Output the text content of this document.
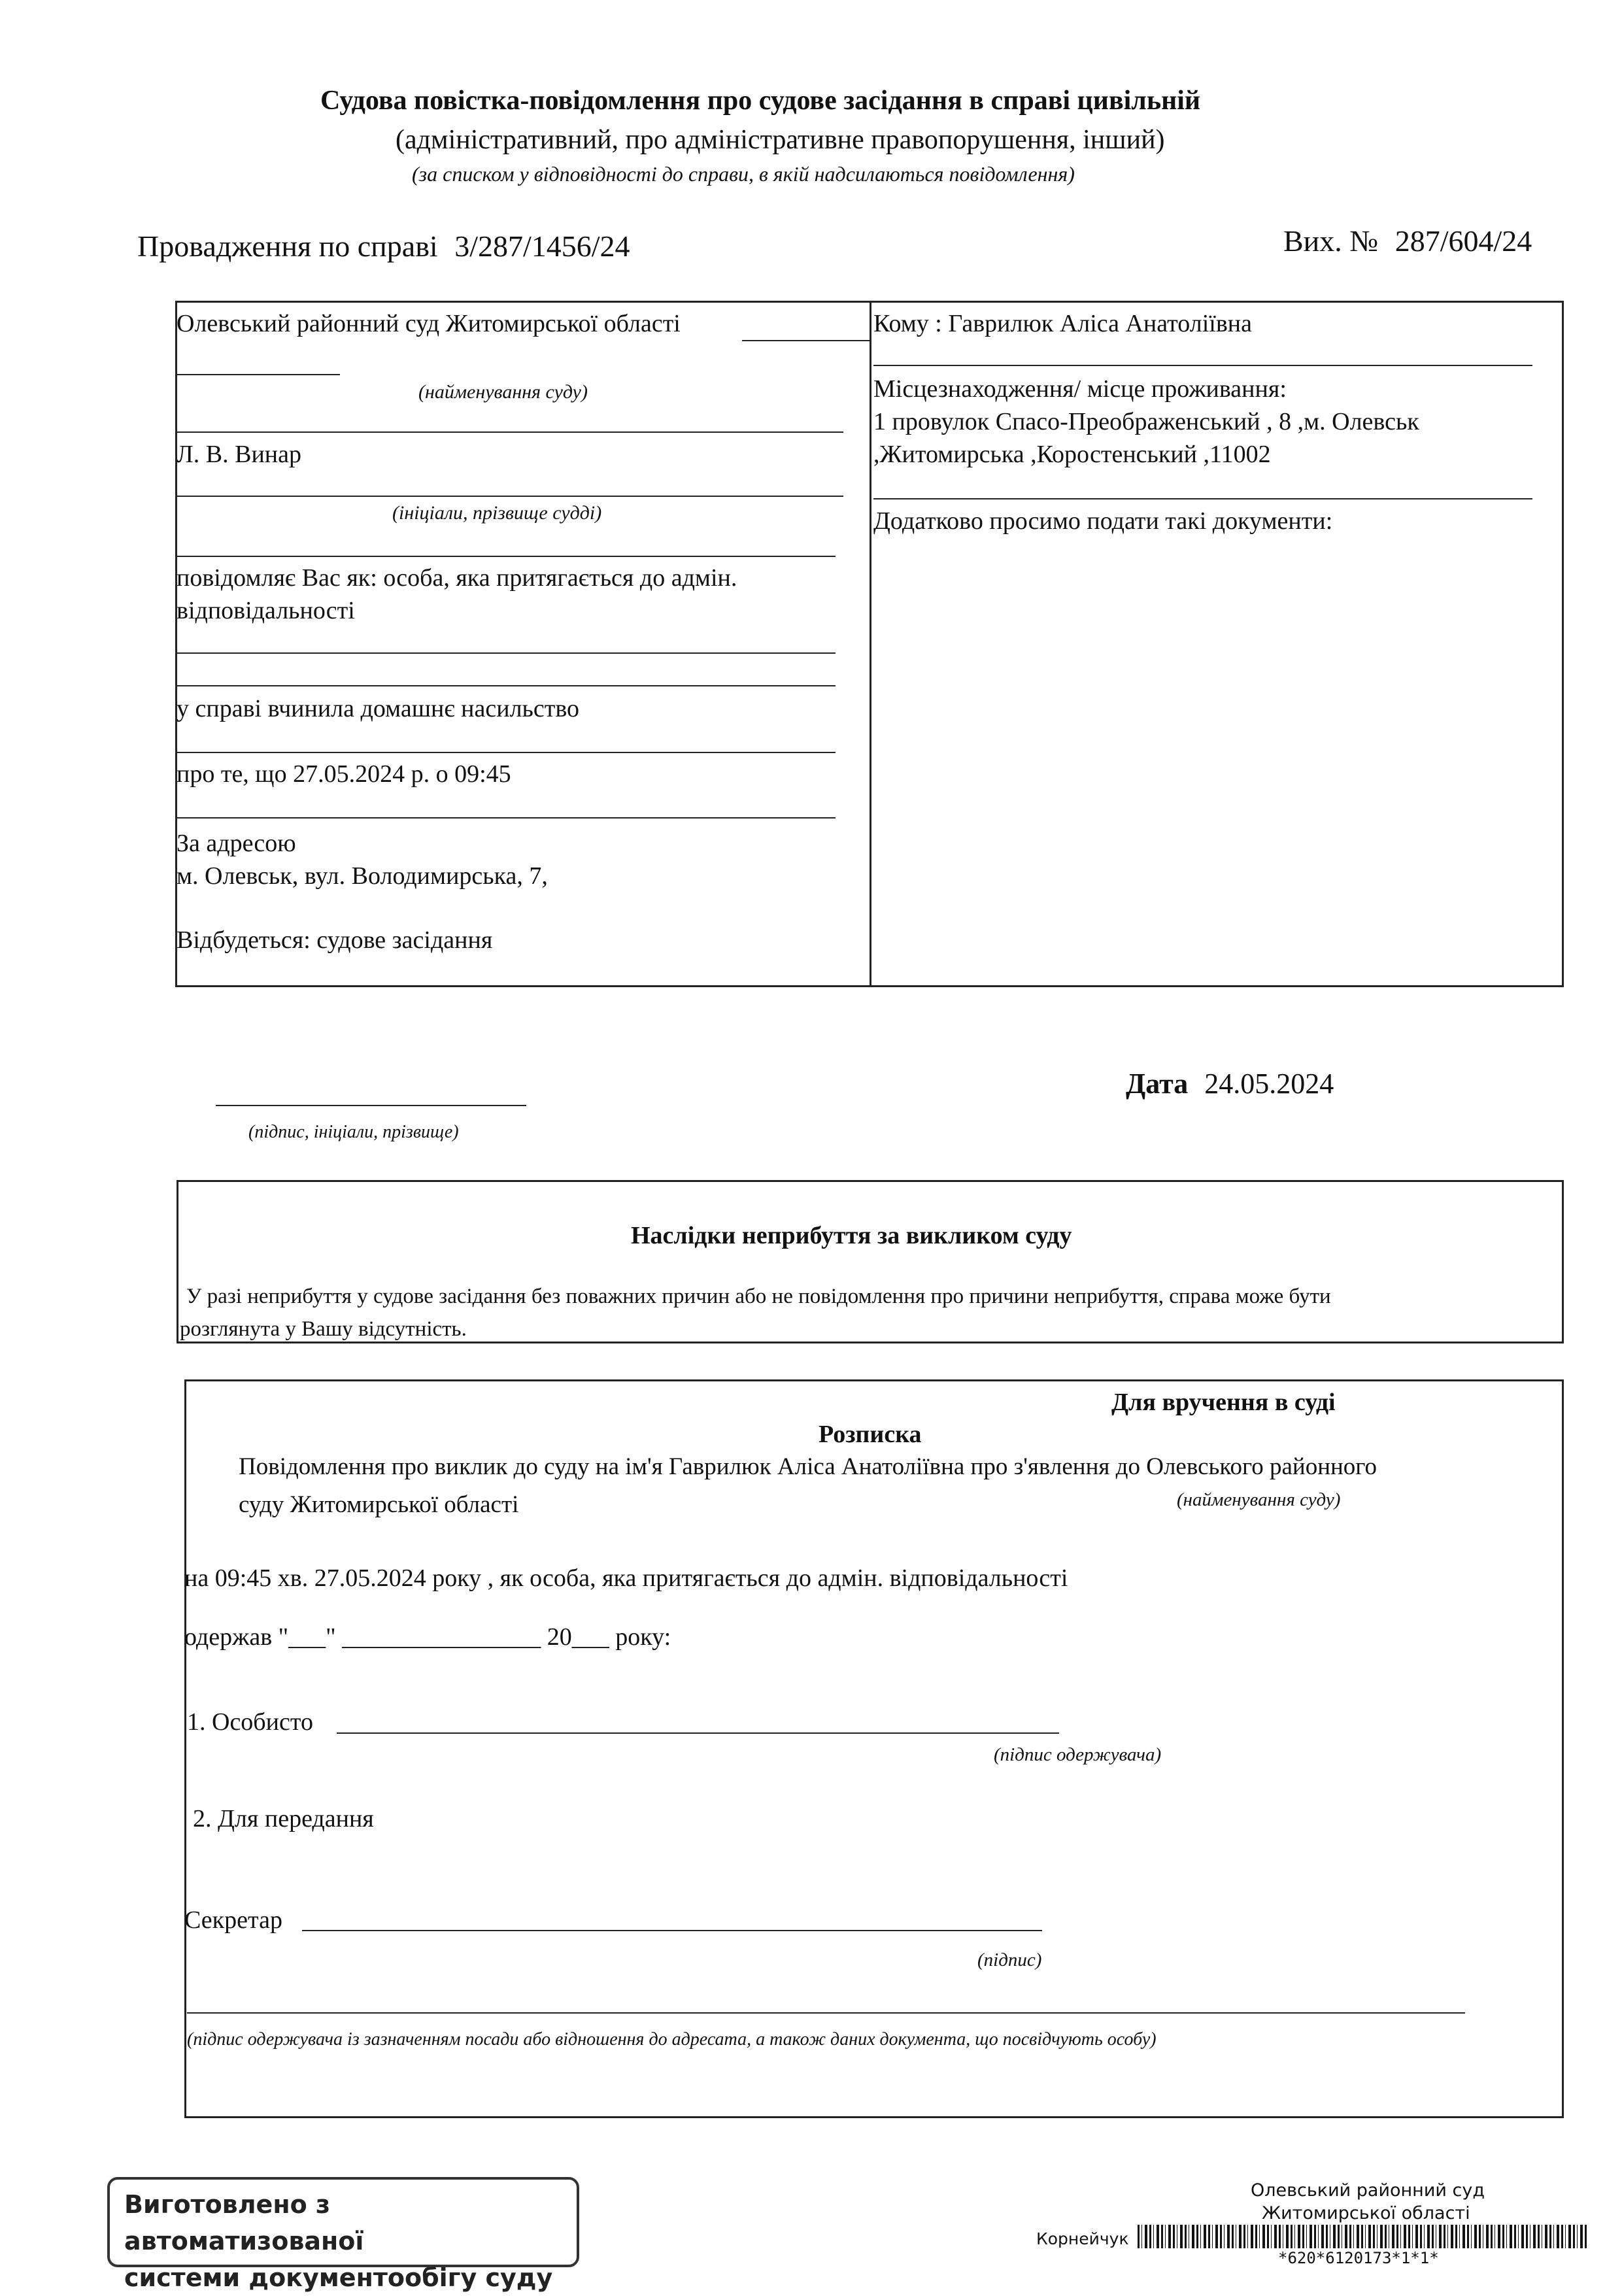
Судова повістка-повідомлення про судове засідання в справі цивільній
(адміністративний, про адміністративне правопорушення, інший)
(за списком у відповідності до справи, в якій надсилаються повідомлення)
Провадження по справі 3/287/1456/24	Вих. № 287/604/24
Олевський районний суд Житомирської області
(найменування суду)
Л. В. Винар
(ініціали, прізвище судді)
повідомляє Вас як: особа, яка притягається до адмін.
відповідальності
у справі вчинила домашнє насильство
про те, що 27.05.2024 р. о 09:45
За адресою
м. Олевськ, вул. Володимирська, 7,
Відбудеться: судове засідання
Кому : Гаврилюк Аліса Анатоліївна
Місцезнаходження/ місце проживання:
1 провулок Спасо-Преображенський , 8 ,м. Олевськ
,Житомирська ,Коростенський ,11002
Додатково просимо подати такі документи:
(підпис, ініціали, прізвище)
Дата 24.05.2024
Наслідки неприбуття за викликом суду
У разі неприбуття у судове засідання без поважних причин або не повідомлення про причини неприбуття, справа може бути
розглянута у Вашу відсутність.
Для вручення в суді
Розписка
Повідомлення про виклик до суду на ім'я Гаврилюк Аліса Анатоліївна про з'явлення до Олевського районного
суду Житомирської області	(найменування суду)
на 09:45 хв. 27.05.2024 року , як особа, яка притягається до адмін. відповідальності
одержав "___" ________________ 20___ року:
1. Особисто
(підпис одержувача)
2. Для передання
Секретар
(підпис)
(підпис одержувача із зазначенням посади або відношення до адресата, а також даних документа, що посвідчують особу)
Виготовлено з автоматизованої
системи документообігу суду
Олевський районний суд
Житомирської області
Корнейчук
*620*6120173*1*1*
